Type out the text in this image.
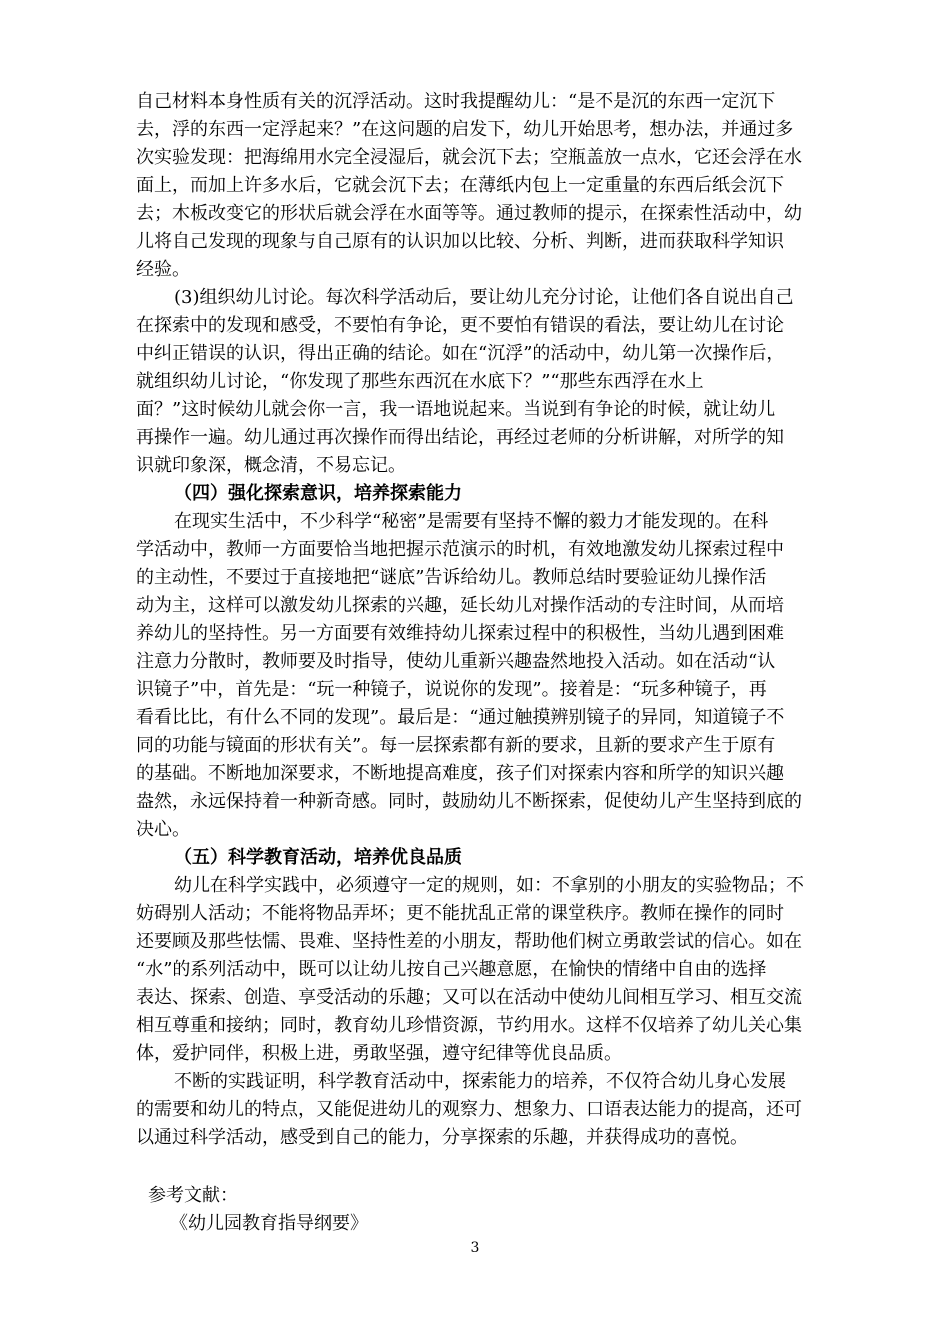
自己材料本身性质有关的沉浮活动。这时我提醒幼儿：“是不是沉的东西一定沉下
去，浮的东西一定浮起来？”在这问题的启发下，幼儿开始思考，想办法，并通过多
次实验发现：把海绵用水完全浸湿后，就会沉下去；空瓶盖放一点水，它还会浮在水
面上，而加上许多水后，它就会沉下去；在薄纸内包上一定重量的东西后纸会沉下
去；木板改变它的形状后就会浮在水面等等。通过教师的提示，在探索性活动中，幼
儿将自己发现的现象与自己原有的认识加以比较、分析、判断，进而获取科学知识
经验。
(3)组织幼儿讨论。每次科学活动后，要让幼儿充分讨论，让他们各自说出自己
在探索中的发现和感受，不要怕有争论，更不要怕有错误的看法，要让幼儿在讨论
中纠正错误的认识，得出正确的结论。如在“沉浮”的活动中，幼儿第一次操作后，
就组织幼儿讨论，“你发现了那些东西沉在水底下？”“那些东西浮在水上
面？”这时候幼儿就会你一言，我一语地说起来。当说到有争论的时候，就让幼儿
再操作一遍。幼儿通过再次操作而得出结论，再经过老师的分析讲解，对所学的知
识就印象深，概念清，不易忘记。
（四）强化探索意识，培养探索能力
在现实生活中，不少科学“秘密”是需要有坚持不懈的毅力才能发现的。在科
学活动中，教师一方面要恰当地把握示范演示的时机，有效地激发幼儿探索过程中
的主动性，不要过于直接地把“谜底”告诉给幼儿。教师总结时要验证幼儿操作活
动为主，这样可以激发幼儿探索的兴趣，延长幼儿对操作活动的专注时间，从而培
养幼儿的坚持性。另一方面要有效维持幼儿探索过程中的积极性，当幼儿遇到困难
注意力分散时，教师要及时指导，使幼儿重新兴趣盎然地投入活动。如在活动“认
识镜子”中，首先是：“玩一种镜子，说说你的发现”。接着是：“玩多种镜子，再
看看比比，有什么不同的发现”。最后是：“通过触摸辨别镜子的异同，知道镜子不
同的功能与镜面的形状有关”。每一层探索都有新的要求，且新的要求产生于原有
的基础。不断地加深要求，不断地提高难度，孩子们对探索内容和所学的知识兴趣
盎然，永远保持着一种新奇感。同时，鼓励幼儿不断探索，促使幼儿产生坚持到底的
决心。
（五）科学教育活动，培养优良品质
幼儿在科学实践中，必须遵守一定的规则，如：不拿别的小朋友的实验物品；不
妨碍别人活动；不能将物品弄坏；更不能扰乱正常的课堂秩序。教师在操作的同时
还要顾及那些怯懦、畏难、坚持性差的小朋友，帮助他们树立勇敢尝试的信心。如在
“水”的系列活动中，既可以让幼儿按自己兴趣意愿，在愉快的情绪中自由的选择
表达、探索、创造、享受活动的乐趣；又可以在活动中使幼儿间相互学习、相互交流
相互尊重和接纳；同时，教育幼儿珍惜资源，节约用水。这样不仅培养了幼儿关心集
体，爱护同伴，积极上进，勇敢坚强，遵守纪律等优良品质。
不断的实践证明，科学教育活动中，探索能力的培养，不仅符合幼儿身心发展
的需要和幼儿的特点，又能促进幼儿的观察力、想象力、口语表达能力的提高，还可
以通过科学活动，感受到自己的能力，分享探索的乐趣，并获得成功的喜悦。
参考文献：
《幼儿园教育指导纲要》
3
